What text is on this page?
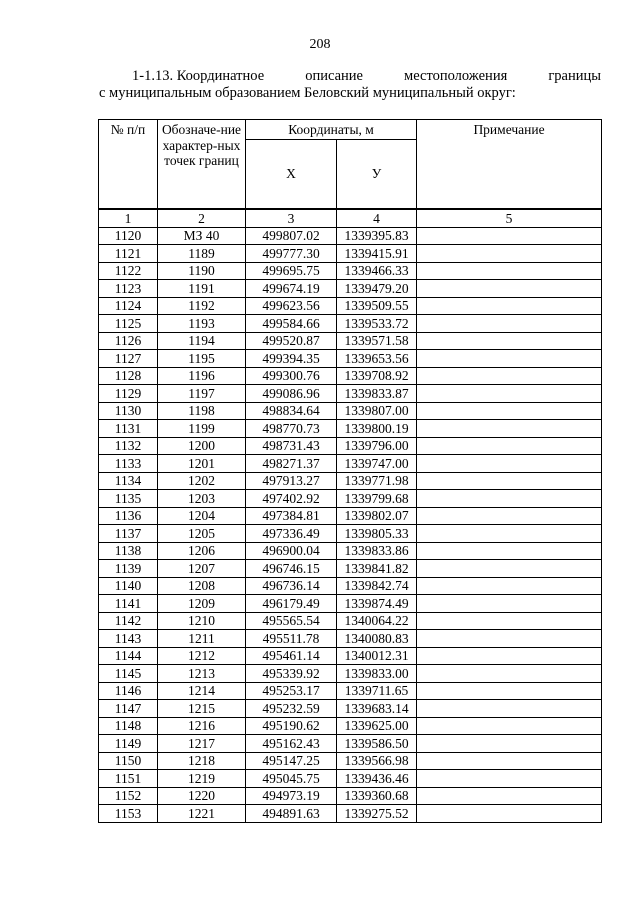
208
1-1.13. Координатное	описание	местоположения	границы
с муниципальным образованием Беловский муниципальный округ:
№ п/п	Обозначе-ние характер-ных точек границ	Координаты, м		Примечание
		X	У	
1	2	3	4	5
1120	МЗ 40	499807.02	1339395.83	
1121	1189	499777.30	1339415.91	
1122	1190	499695.75	1339466.33	
1123	1191	499674.19	1339479.20	
1124	1192	499623.56	1339509.55	
1125	1193	499584.66	1339533.72	
1126	1194	499520.87	1339571.58	
1127	1195	499394.35	1339653.56	
1128	1196	499300.76	1339708.92	
1129	1197	499086.96	1339833.87	
1130	1198	498834.64	1339807.00	
1131	1199	498770.73	1339800.19	
1132	1200	498731.43	1339796.00	
1133	1201	498271.37	1339747.00	
1134	1202	497913.27	1339771.98	
1135	1203	497402.92	1339799.68	
1136	1204	497384.81	1339802.07	
1137	1205	497336.49	1339805.33	
1138	1206	496900.04	1339833.86	
1139	1207	496746.15	1339841.82	
1140	1208	496736.14	1339842.74	
1141	1209	496179.49	1339874.49	
1142	1210	495565.54	1340064.22	
1143	1211	495511.78	1340080.83	
1144	1212	495461.14	1340012.31	
1145	1213	495339.92	1339833.00	
1146	1214	495253.17	1339711.65	
1147	1215	495232.59	1339683.14	
1148	1216	495190.62	1339625.00	
1149	1217	495162.43	1339586.50	
1150	1218	495147.25	1339566.98	
1151	1219	495045.75	1339436.46	
1152	1220	494973.19	1339360.68	
1153	1221	494891.63	1339275.52	
